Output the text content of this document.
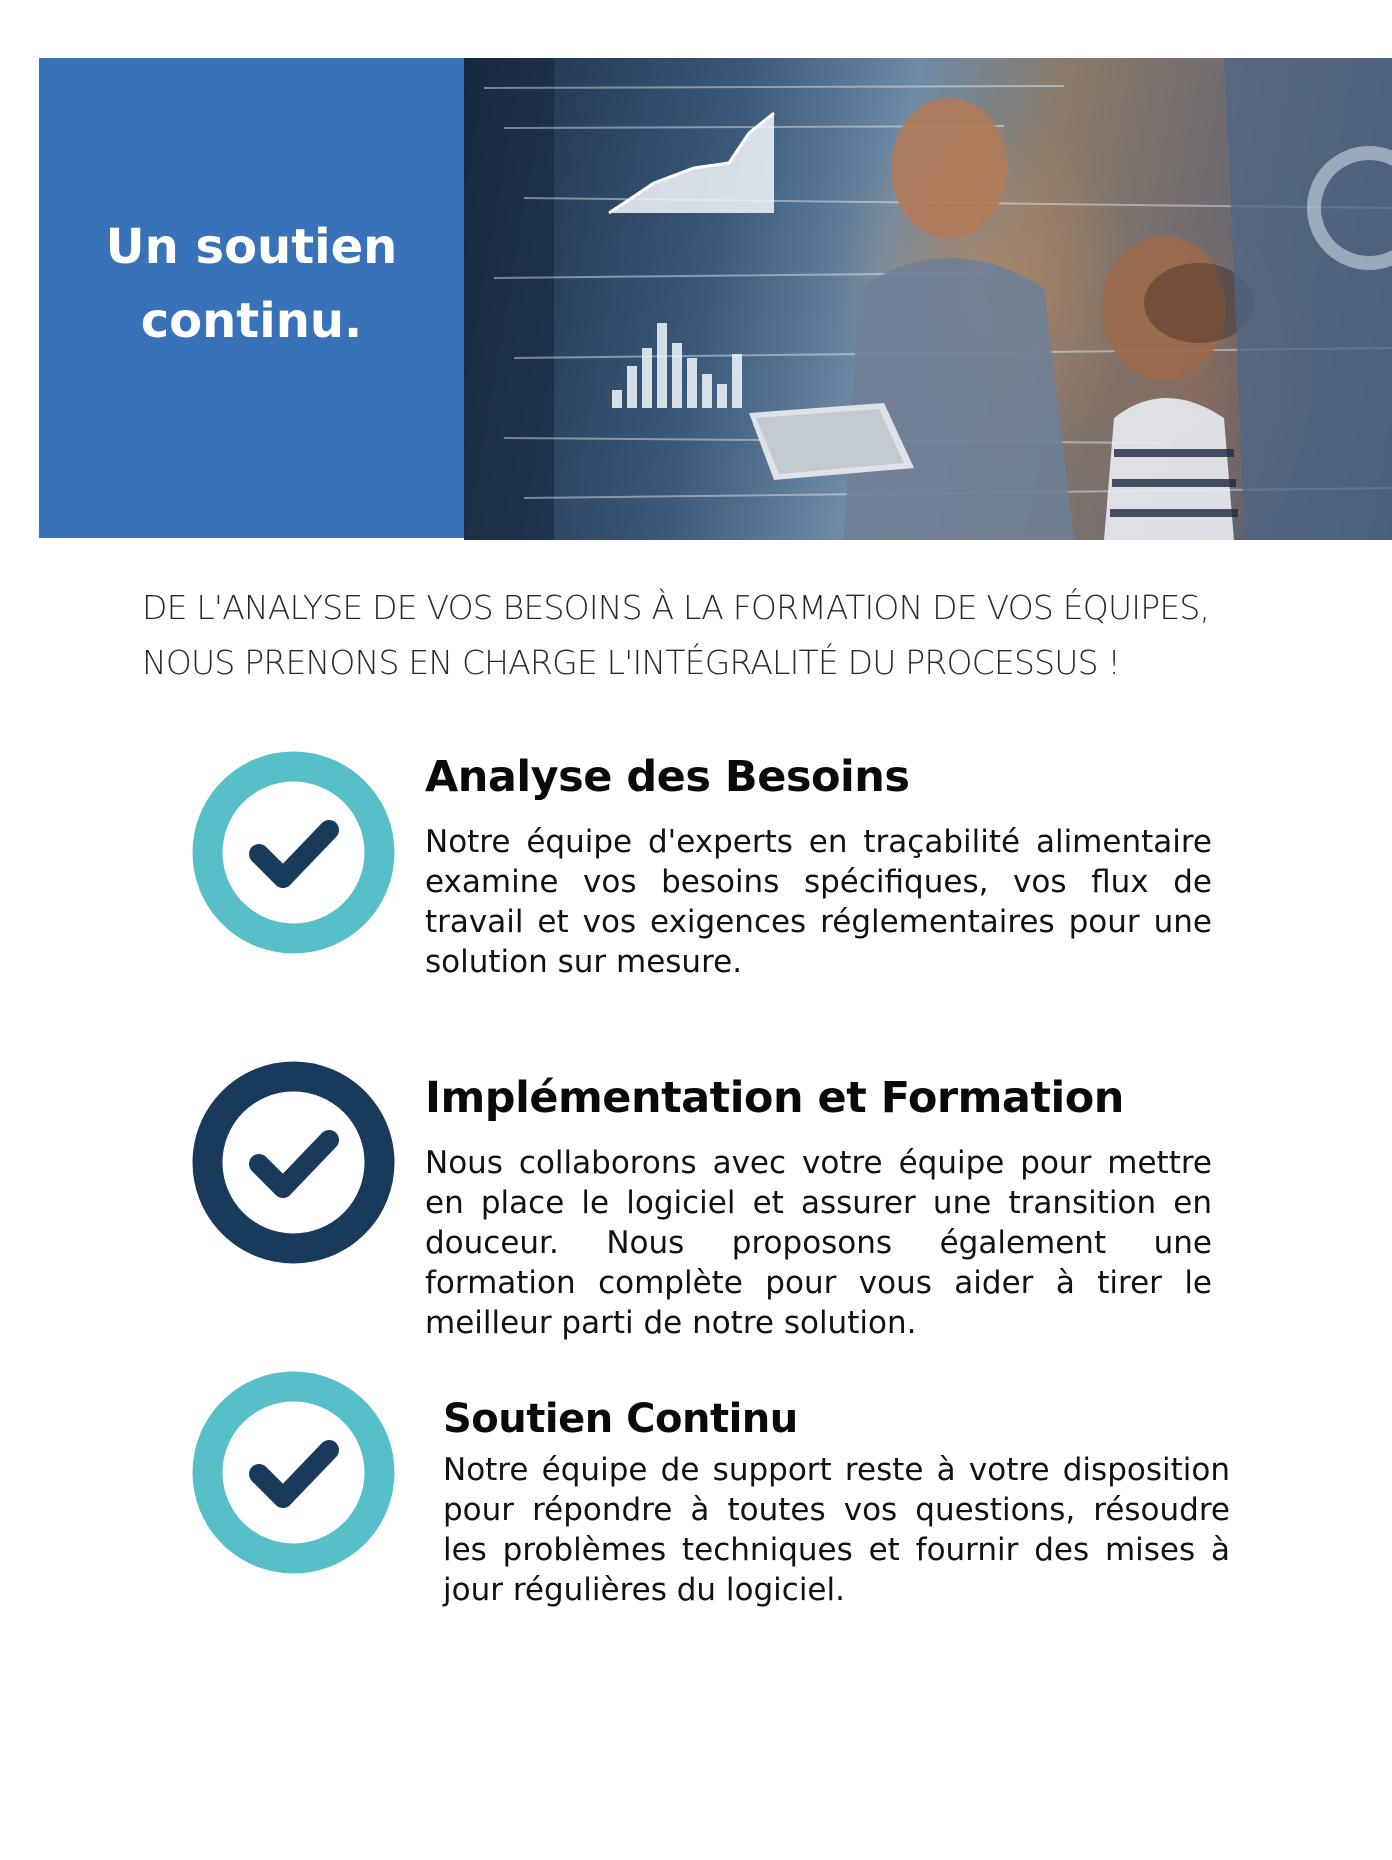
Un soutien
continu.

DE L'ANALYSE DE VOS BESOINS À LA FORMATION DE VOS ÉQUIPES,
NOUS PRENONS EN CHARGE L'INTÉGRALITÉ DU PROCESSUS !

Analyse des Besoins

Notre équipe d'experts en traçabilité alimentaire examine vos besoins spécifiques, vos flux de travail et vos exigences réglementaires pour une solution sur mesure.

Implémentation et Formation

Nous collaborons avec votre équipe pour mettre en place le logiciel et assurer une transition en douceur. Nous proposons également une formation complète pour vous aider à tirer le meilleur parti de notre solution.

Soutien Continu

Notre équipe de support reste à votre disposition pour répondre à toutes vos questions, résoudre les problèmes techniques et fournir des mises à jour régulières du logiciel.
